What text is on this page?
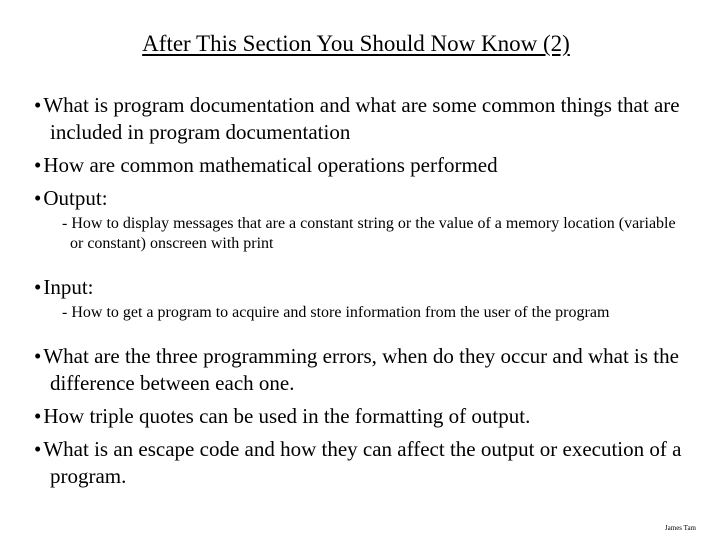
After This Section You Should Now Know (2)
•What is program documentation and what are some common things that are included in program documentation
•How are common mathematical operations performed
•Output:
- How to display messages that are a constant string or the value of a memory location (variable or constant) onscreen with print
•Input:
- How to get a program to acquire and store information from the user of the program
•What are the three programming errors, when do they occur and what is the difference between each one.
•How triple quotes can be used in the formatting of output.
•What is an escape code and how they can affect the output or execution of a program.
James Tam
